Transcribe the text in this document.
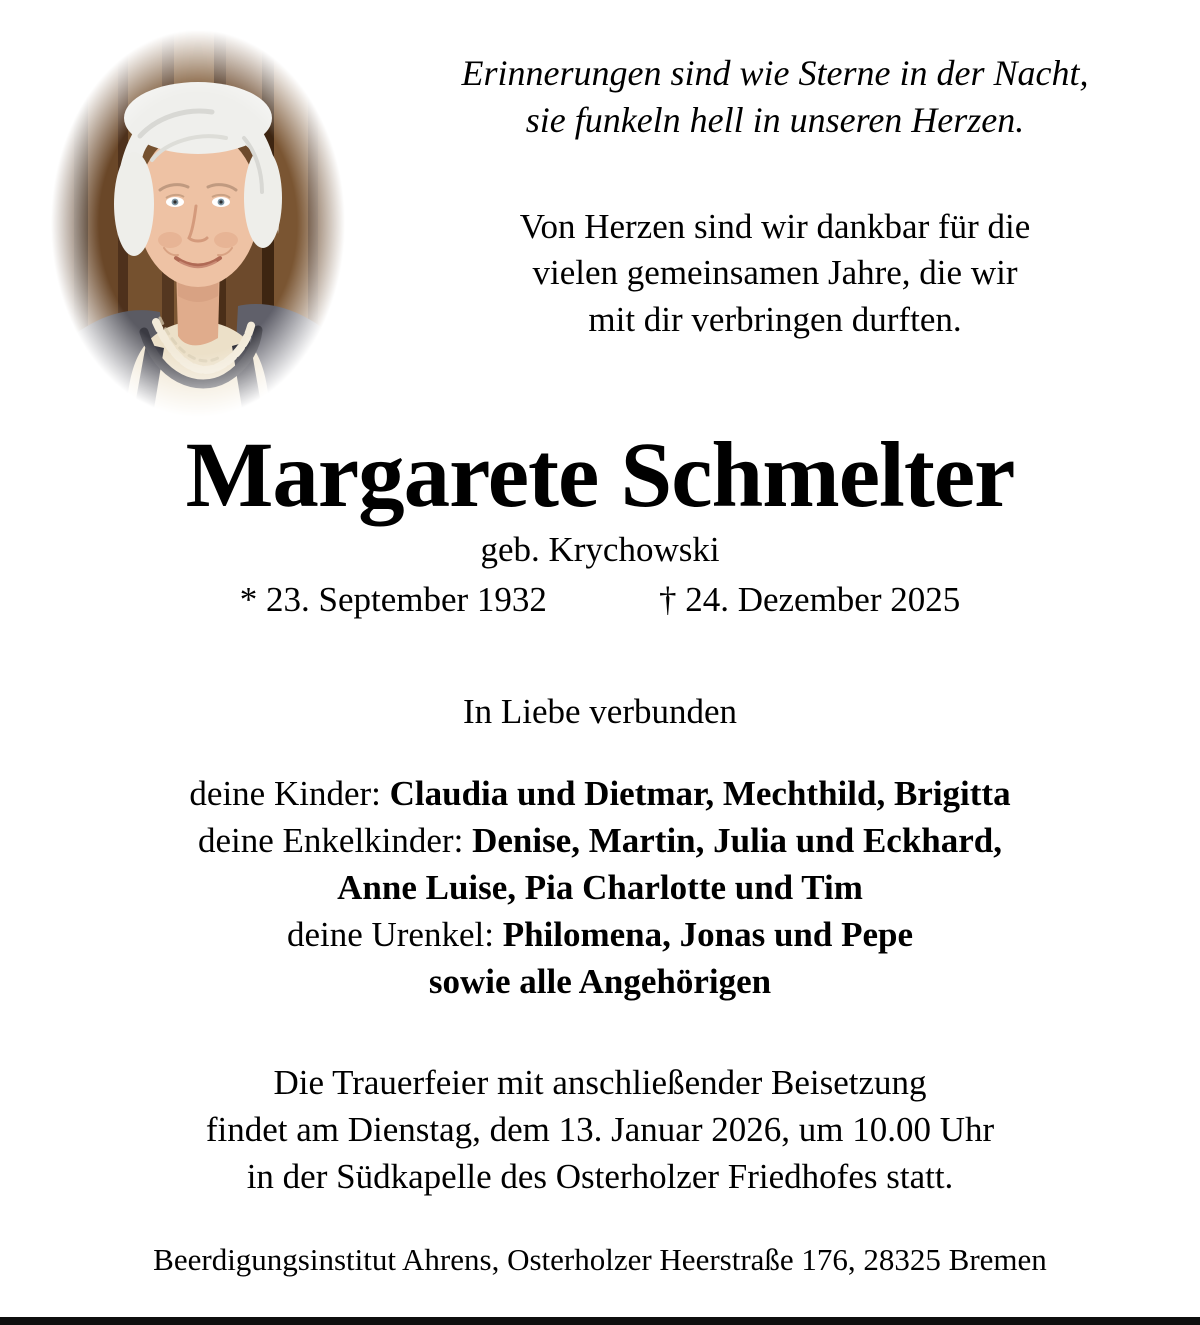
Erinnerungen sind wie Sterne in der Nacht,
sie funkeln hell in unseren Herzen.
Von Herzen sind wir dankbar für die
vielen gemeinsamen Jahre, die wir
mit dir verbringen durften.
Margarete Schmelter
geb. Krychowski
* 23. September 1932	† 24. Dezember 2025
In Liebe verbunden
deine Kinder: Claudia und Dietmar, Mechthild, Brigitta
deine Enkelkinder: Denise, Martin, Julia und Eckhard,
Anne Luise, Pia Charlotte und Tim
deine Urenkel: Philomena, Jonas und Pepe
sowie alle Angehörigen
Die Trauerfeier mit anschließender Beisetzung
findet am Dienstag, dem 13. Januar 2026, um 10.00 Uhr
in der Südkapelle des Osterholzer Friedhofes statt.
Beerdigungsinstitut Ahrens, Osterholzer Heerstraße 176, 28325 Bremen
